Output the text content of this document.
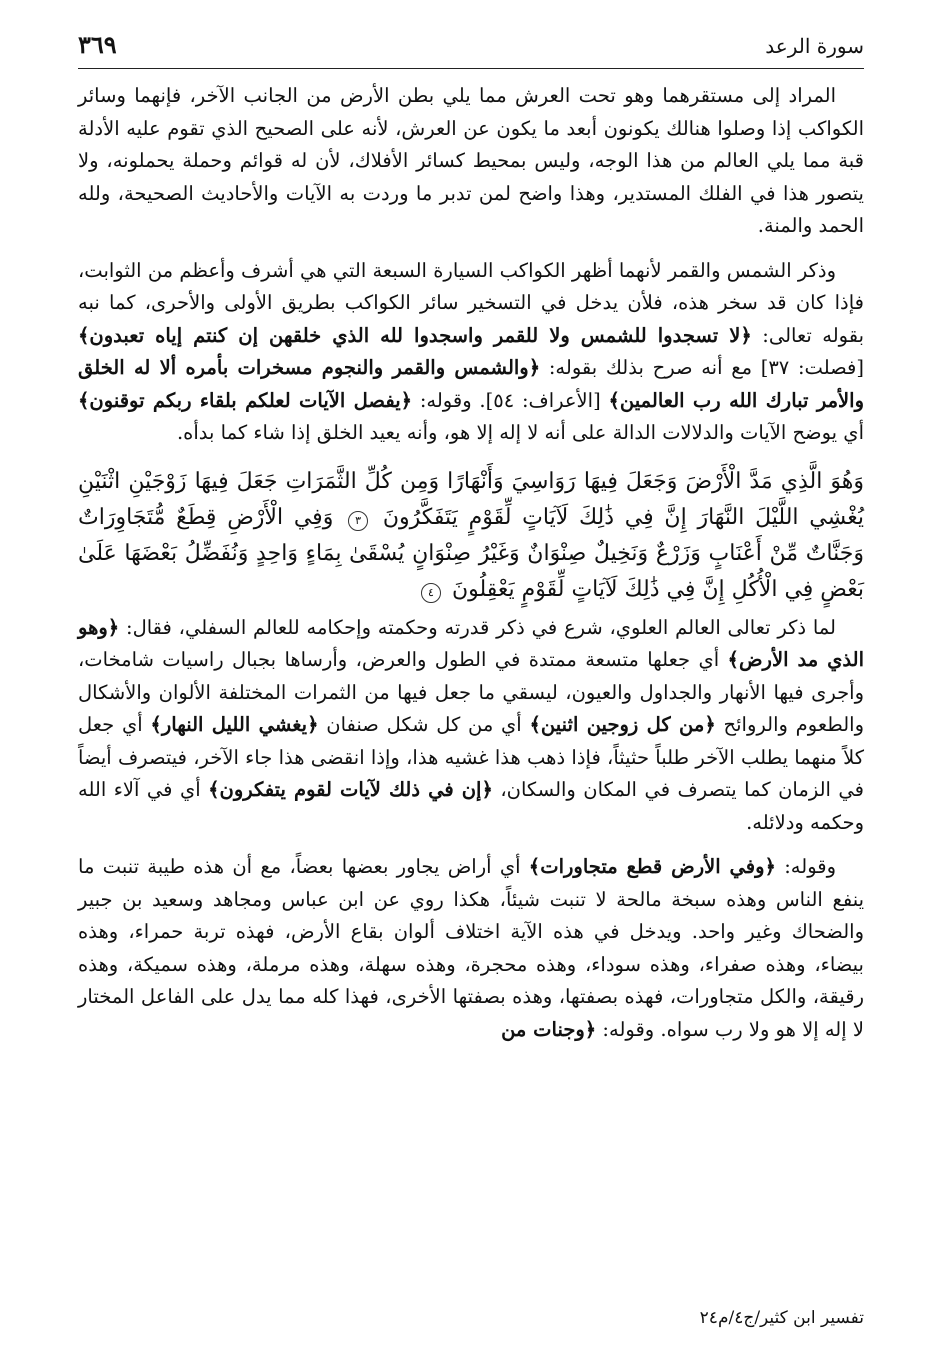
سورة الرعد
٣٦٩

المراد إلى مستقرهما وهو تحت العرش مما يلي بطن الأرض من الجانب الآخر، فإنهما وسائر الكواكب إذا وصلوا هنالك يكونون أبعد ما يكون عن العرش، لأنه على الصحيح الذي تقوم عليه الأدلة قبة مما يلي العالم من هذا الوجه، وليس بمحيط كسائر الأفلاك، لأن له قوائم وحملة يحملونه، ولا يتصور هذا في الفلك المستدير، وهذا واضح لمن تدبر ما وردت به الآيات والأحاديث الصحيحة، ولله الحمد والمنة.

وذكر الشمس والقمر لأنهما أظهر الكواكب السيارة السبعة التي هي أشرف وأعظم من الثوابت، فإذا كان قد سخر هذه، فلأن يدخل في التسخير سائر الكواكب بطريق الأولى والأحرى، كما نبه بقوله تعالى: ﴿لا تسجدوا للشمس ولا للقمر واسجدوا لله الذي خلقهن إن كنتم إياه تعبدون﴾ [فصلت: ٣٧] مع أنه صرح بذلك بقوله: ﴿والشمس والقمر والنجوم مسخرات بأمره ألا له الخلق والأمر تبارك الله رب العالمين﴾ [الأعراف: ٥٤]. وقوله: ﴿يفصل الآيات لعلكم بلقاء ربكم توقنون﴾ أي يوضح الآيات والدلالات الدالة على أنه لا إله إلا هو، وأنه يعيد الخلق إذا شاء كما بدأه.

وَهُوَ الَّذِي مَدَّ الْأَرْضَ وَجَعَلَ فِيهَا رَوَاسِيَ وَأَنْهَارًا وَمِن كُلِّ الثَّمَرَاتِ جَعَلَ فِيهَا زَوْجَيْنِ اثْنَيْنِ يُغْشِي اللَّيْلَ النَّهَارَ إِنَّ فِي ذَٰلِكَ لَآيَاتٍ لِّقَوْمٍ يَتَفَكَّرُونَ ٣ وَفِي الْأَرْضِ قِطَعٌ مُّتَجَاوِرَاتٌ وَجَنَّاتٌ مِّنْ أَعْنَابٍ وَزَرْعٌ وَنَخِيلٌ صِنْوَانٌ وَغَيْرُ صِنْوَانٍ يُسْقَىٰ بِمَاءٍ وَاحِدٍ وَنُفَضِّلُ بَعْضَهَا عَلَىٰ بَعْضٍ فِي الْأُكُلِ إِنَّ فِي ذَٰلِكَ لَآيَاتٍ لِّقَوْمٍ يَعْقِلُونَ ٤

لما ذكر تعالى العالم العلوي، شرع في ذكر قدرته وحكمته وإحكامه للعالم السفلي، فقال: ﴿وهو الذي مد الأرض﴾ أي جعلها متسعة ممتدة في الطول والعرض، وأرساها بجبال راسيات شامخات، وأجرى فيها الأنهار والجداول والعيون، ليسقي ما جعل فيها من الثمرات المختلفة الألوان والأشكال والطعوم والروائح ﴿من كل زوجين اثنين﴾ أي من كل شكل صنفان ﴿يغشي الليل النهار﴾ أي جعل كلاً منهما يطلب الآخر طلباً حثيثاً، فإذا ذهب هذا غشيه هذا، وإذا انقضى هذا جاء الآخر، فيتصرف أيضاً في الزمان كما يتصرف في المكان والسكان، ﴿إن في ذلك لآيات لقوم يتفكرون﴾ أي في آلاء الله وحكمه ودلائله.

وقوله: ﴿وفي الأرض قطع متجاورات﴾ أي أراض يجاور بعضها بعضاً، مع أن هذه طيبة تنبت ما ينفع الناس وهذه سبخة مالحة لا تنبت شيئاً، هكذا روي عن ابن عباس ومجاهد وسعيد بن جبير والضحاك وغير واحد. ويدخل في هذه الآية اختلاف ألوان بقاع الأرض، فهذه تربة حمراء، وهذه بيضاء، وهذه صفراء، وهذه سوداء، وهذه محجرة، وهذه سهلة، وهذه مرملة، وهذه سميكة، وهذه رقيقة، والكل متجاورات، فهذه بصفتها، وهذه بصفتها الأخرى، فهذا كله مما يدل على الفاعل المختار لا إله إلا هو ولا رب سواه. وقوله: ﴿وجنات من

تفسير ابن كثير/ج٤/م٢٤
